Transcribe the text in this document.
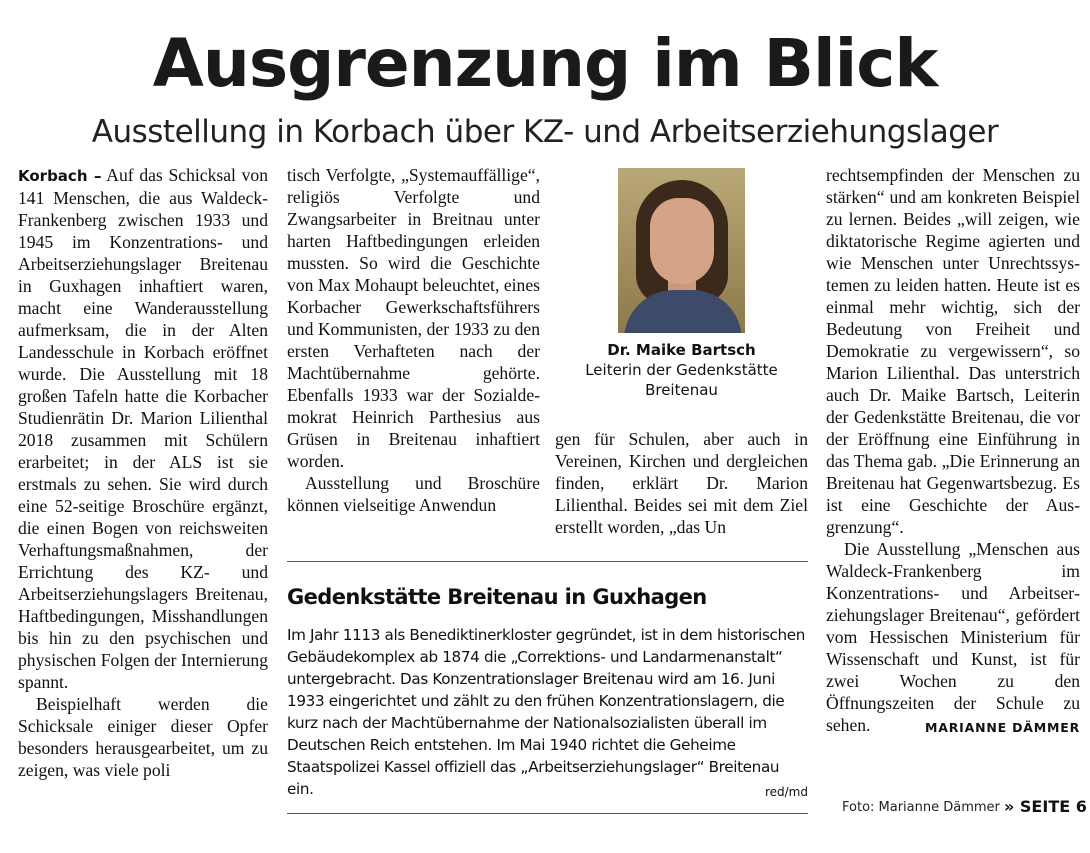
Ausgrenzung im Blick
Ausstellung in Korbach über KZ- und Arbeitserziehungslager

Korbach – Auf das Schicksal von 141 Menschen, die aus Waldeck-Frankenberg zwischen 1933 und 1945 im Konzentrations- und Arbeitserziehungslager Breitenau in Guxhagen inhaftiert waren, macht eine Wanderausstellung aufmerksam, die in der Alten Landesschule in Korbach eröffnet wurde. Die Ausstellung mit 18 großen Tafeln hatte die Korbacher Studienrätin Dr. Marion Lilienthal 2018 zusammen mit Schülern erarbeitet; in der ALS ist sie erstmals zu sehen. Sie wird durch eine 52-seitige Broschüre ergänzt, die einen Bogen von reichsweiten Verhaftungsmaßnahmen, der Errichtung des KZ- und Arbeitserziehungslagers Breitenau, Haftbedingungen, Misshandlungen bis hin zu den psychischen und physischen Folgen der Internierung spannt.

Beispielhaft werden die Schicksale einiger dieser Opfer besonders herausgearbeitet, um zu zeigen, was viele poli

tisch Verfolgte, „Systemauffällige“, religiös Verfolgte und Zwangsarbeiter in Breitnau unter harten Haftbedingungen erleiden mussten. So wird die Geschichte von Max Mohaupt beleuchtet, eines Korbacher Gewerkschaftsführers und Kommunisten, der 1933 zu den ersten Verhafteten nach der Machtübernahme gehörte. Ebenfalls 1933 war der Sozialdemokrat Heinrich Parthesius aus Grüsen in Breitenau inhaftiert worden.

Ausstellung und Broschüre können vielseitige Anwendun

Dr. Maike Bartsch
Leiterin der Gedenkstätte Breitenau

gen für Schulen, aber auch in Vereinen, Kirchen und dergleichen finden, erklärt Dr. Marion Lilienthal. Beides sei mit dem Ziel erstellt worden, „das Un

Gedenkstätte Breitenau in Guxhagen

Im Jahr 1113 als Benediktinerkloster gegründet, ist in dem historischen Gebäudekomplex ab 1874 die „Correktions- und Landarmenanstalt“ untergebracht. Das Konzentrationslager Breitenau wird am 16. Juni 1933 eingerichtet und zählt zu den frühen Konzentrationslagern, die kurz nach der Machtübernahme der Nationalsozialisten überall im Deutschen Reich entstehen. Im Mai 1940 richtet die Geheime Staatspolizei Kassel offiziell das „Arbeitserziehungslager“ Breitenau ein.	red/md

rechtsempfinden der Menschen zu stärken“ und am konkreten Beispiel zu lernen. Beides „will zeigen, wie diktatorische Regime agierten und wie Menschen unter Unrechtssystemen zu leiden hatten. Heute ist es einmal mehr wichtig, sich der Bedeutung von Freiheit und Demokratie zu vergewissern“, so Marion Lilienthal. Das unterstrich auch Dr. Maike Bartsch, Leiterin der Gedenkstätte Breitenau, die vor der Eröffnung eine Einführung in das Thema gab. „Die Erinnerung an Breitenau hat Gegenwartsbezug. Es ist eine Geschichte der Ausgrenzung“.

Die Ausstellung „Menschen aus Waldeck-Frankenberg im Konzentrations- und Arbeitserziehungslager Breitenau“, gefördert vom Hessischen Ministerium für Wissenschaft und Kunst, ist für zwei Wochen zu den Öffnungszeiten der Schule zu sehen.	MARIANNE DÄMMER

Foto: Marianne Dämmer » SEITE 6
